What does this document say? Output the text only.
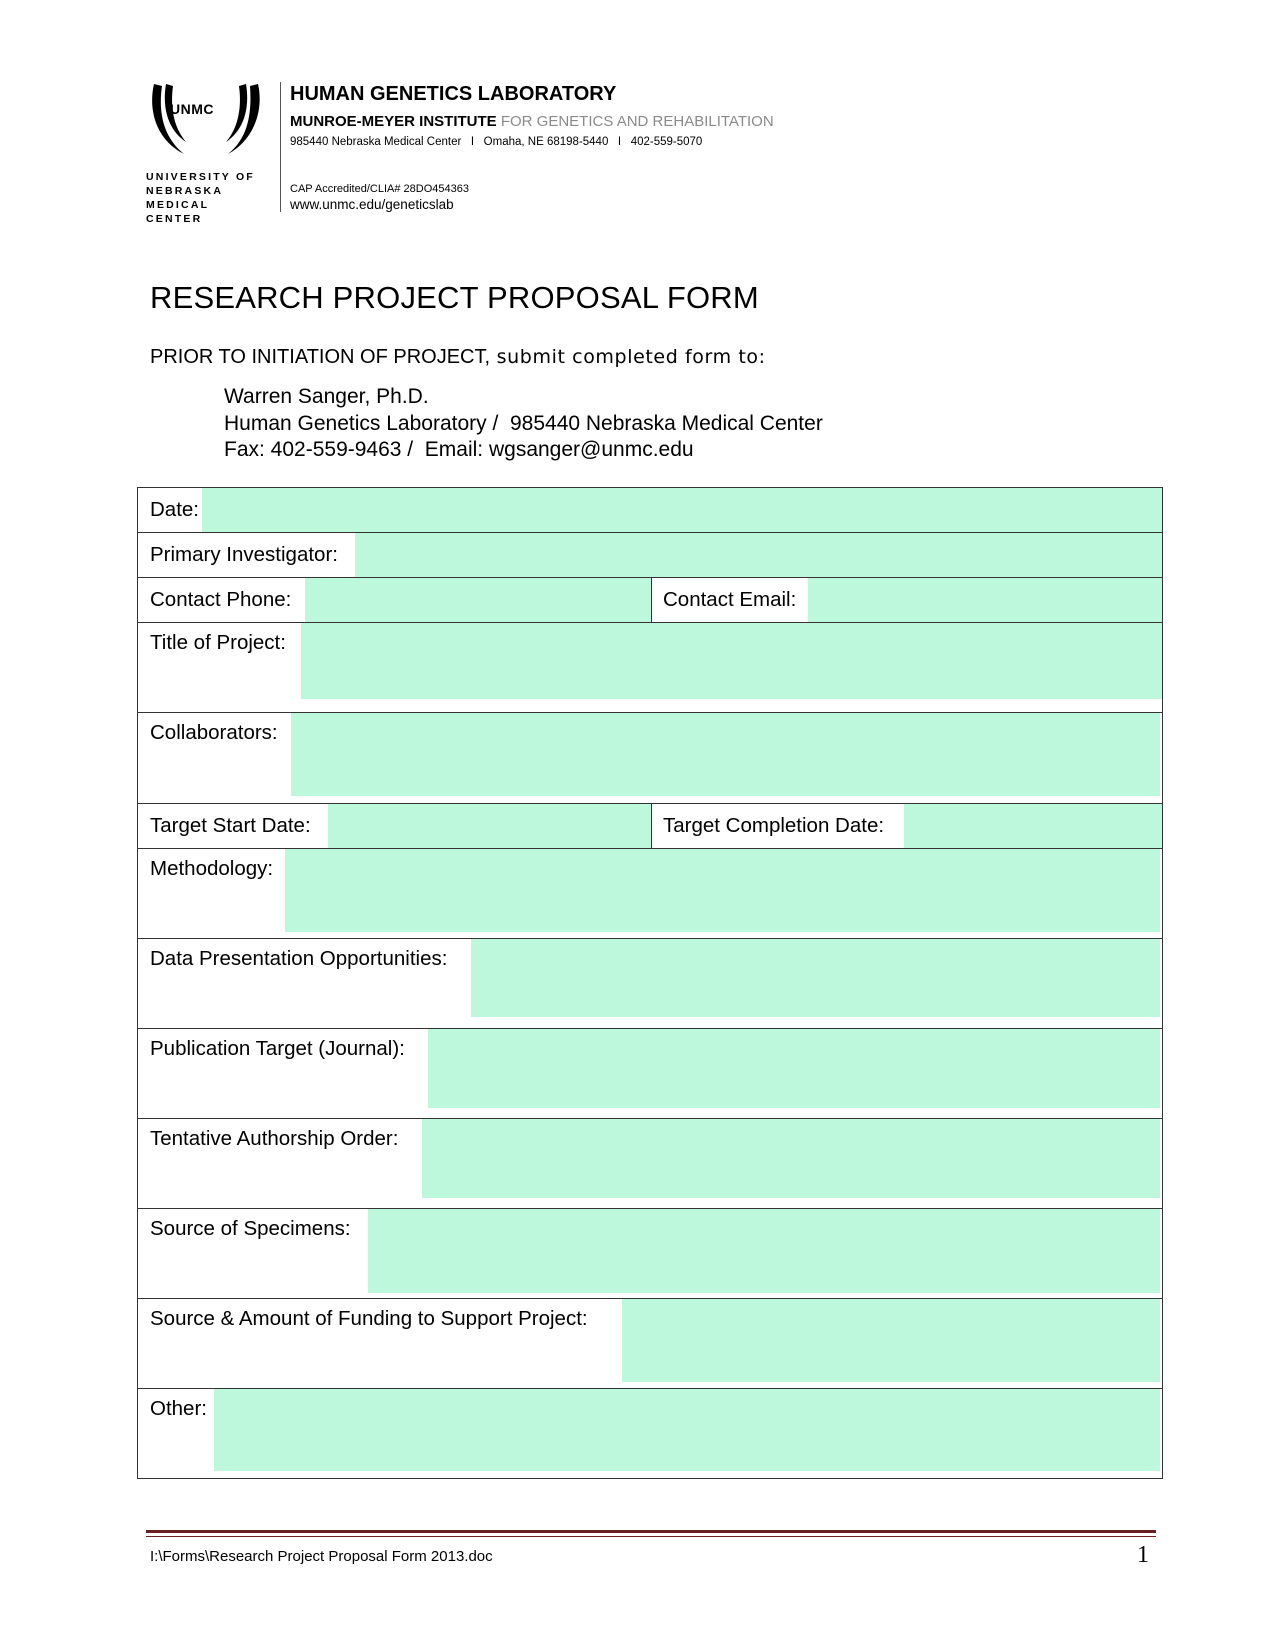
UNMC
UNIVERSITY OF
NEBRASKA
MEDICAL CENTER
HUMAN GENETICS LABORATORY
MUNROE-MEYER INSTITUTE FOR GENETICS AND REHABILITATION
985440 Nebraska Medical Center   I   Omaha, NE 68198-5440   I   402-559-5070
CAP Accredited/CLIA# 28DO454363
www.unmc.edu/geneticslab
RESEARCH PROJECT PROPOSAL FORM
PRIOR TO INITIATION OF PROJECT, submit completed form to:
Warren Sanger, Ph.D.
Human Genetics Laboratory /  985440 Nebraska Medical Center
Fax: 402-559-9463 /  Email: wgsanger@unmc.edu
Date:
Primary Investigator:
Contact Phone:	Contact Email:
Title of Project:
Collaborators:
Target Start Date:	Target Completion Date:
Methodology:
Data Presentation Opportunities:
Publication Target (Journal):
Tentative Authorship Order:
Source of Specimens:
Source & Amount of Funding to Support Project:
Other:
I:\Forms\Research Project Proposal Form 2013.doc	1
